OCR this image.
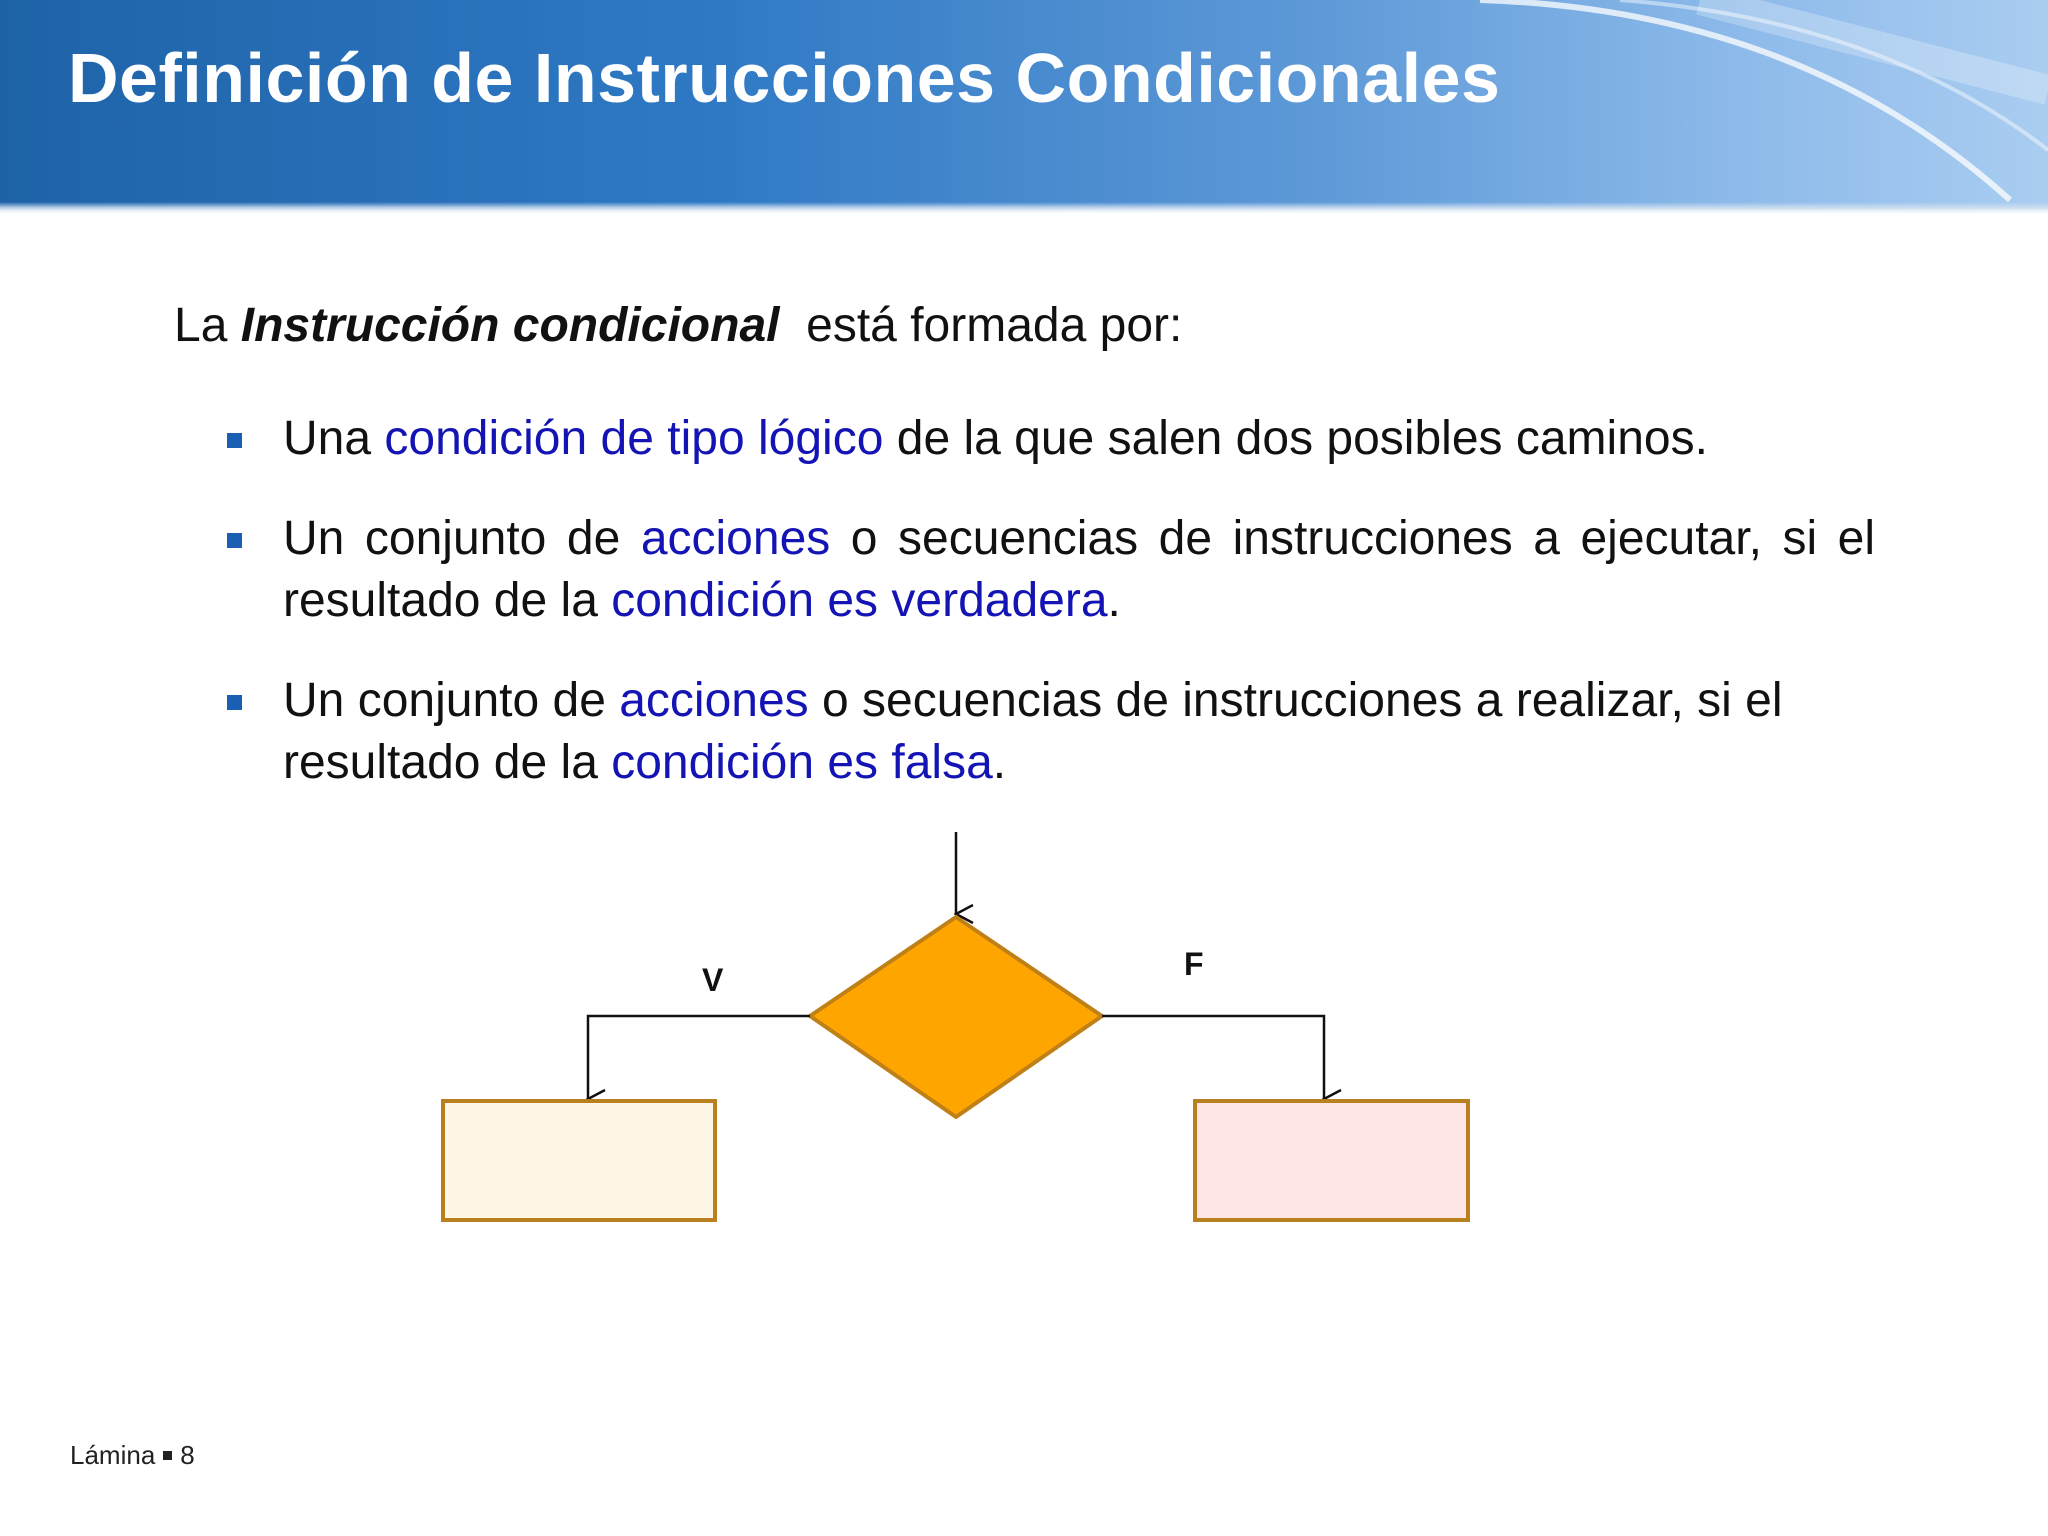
Definición de Instrucciones Condicionales
La Instrucción condicional está formada por:
Una condición de tipo lógico de la que salen dos posibles caminos.
Un conjunto de acciones o secuencias de instrucciones a ejecutar, si el resultado de la condición es verdadera.
Un conjunto de acciones o secuencias de instrucciones a realizar, si el resultado de la condición es falsa.
V	F
Lámina 8
